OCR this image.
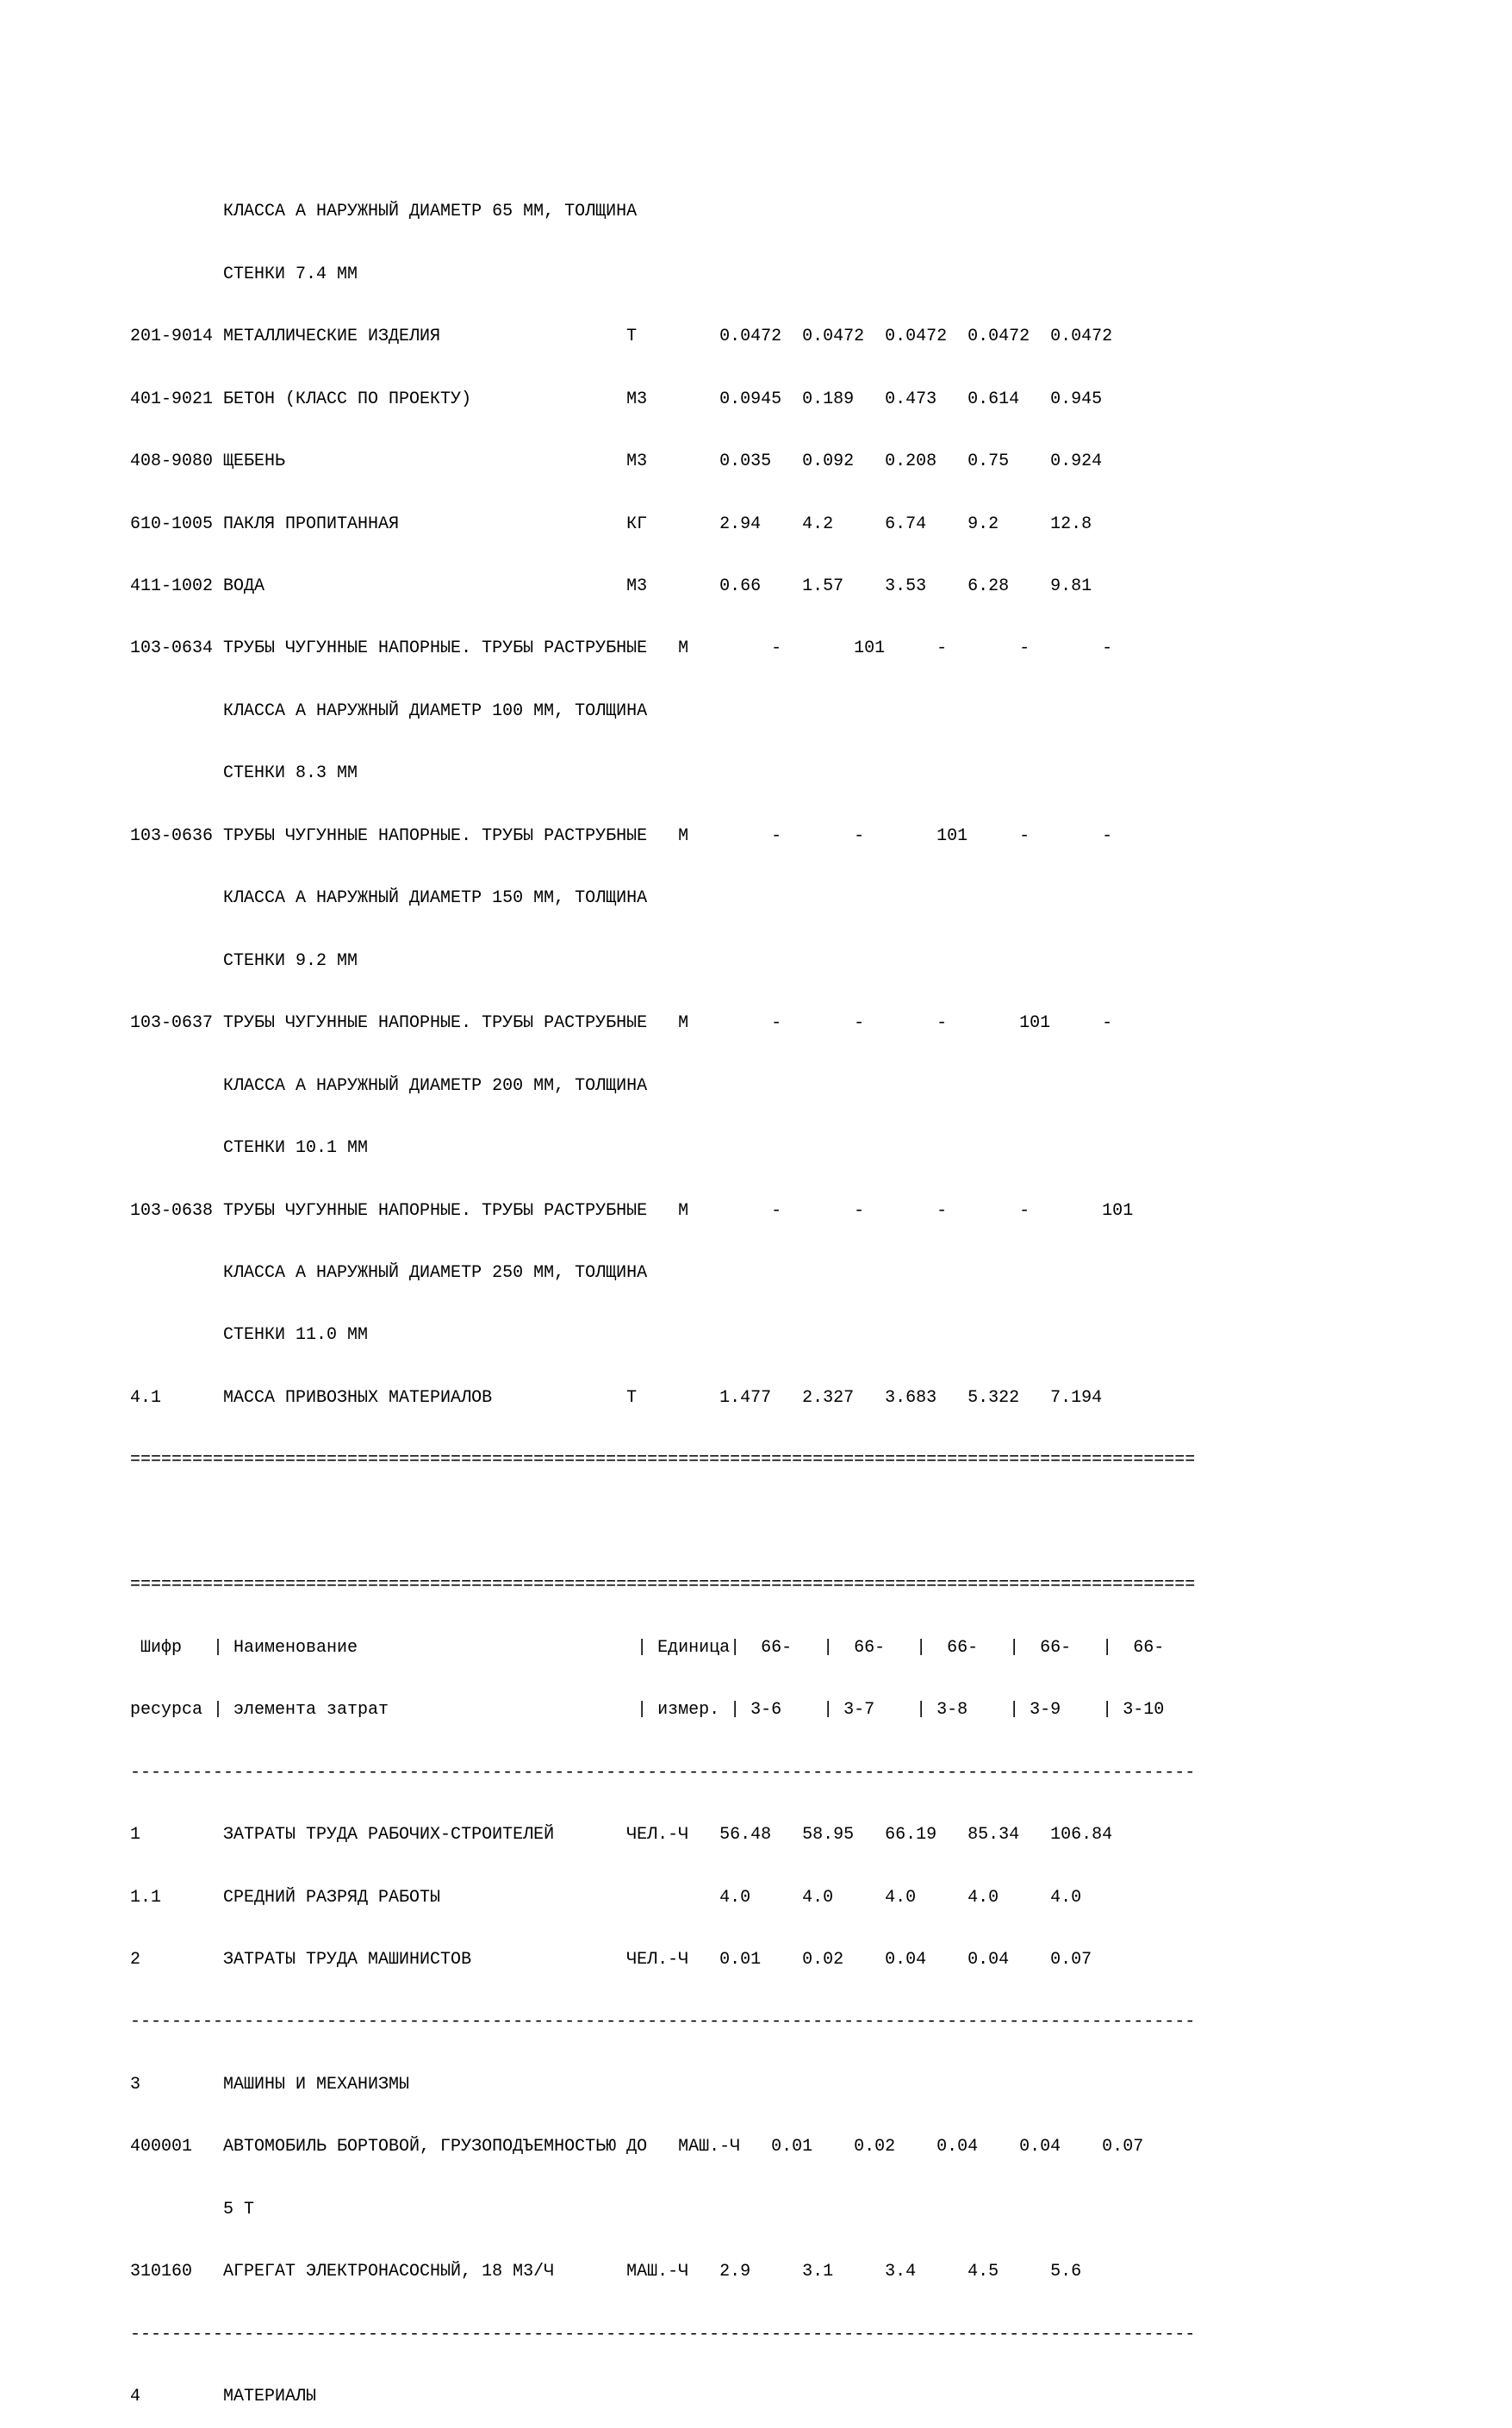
КЛАССА А НАРУЖНЫЙ ДИАМЕТР 65 ММ, ТОЛЩИНА

СТЕНКИ 7.4 ММ

201-9014 МЕТАЛЛИЧЕСКИЕ ИЗДЕЛИЯ                  Т        0.0472  0.0472  0.0472  0.0472  0.0472

401-9021 БЕТОН (КЛАСС ПО ПРОЕКТУ)               М3       0.0945  0.189   0.473   0.614   0.945

408-9080 ЩЕБЕНЬ                                 М3       0.035   0.092   0.208   0.75    0.924

610-1005 ПАКЛЯ ПРОПИТАННАЯ                      КГ       2.94    4.2     6.74    9.2     12.8

411-1002 ВОДА                                   М3       0.66    1.57    3.53    6.28    9.81

103-0634 ТРУБЫ ЧУГУННЫЕ НАПОРНЫЕ. ТРУБЫ РАСТРУБНЫЕ   М        -       101     -       -       -

КЛАССА А НАРУЖНЫЙ ДИАМЕТР 100 ММ, ТОЛЩИНА

СТЕНКИ 8.3 ММ

103-0636 ТРУБЫ ЧУГУННЫЕ НАПОРНЫЕ. ТРУБЫ РАСТРУБНЫЕ   М        -       -       101     -       -

КЛАССА А НАРУЖНЫЙ ДИАМЕТР 150 ММ, ТОЛЩИНА

СТЕНКИ 9.2 ММ

103-0637 ТРУБЫ ЧУГУННЫЕ НАПОРНЫЕ. ТРУБЫ РАСТРУБНЫЕ   М        -       -       -       101     -

КЛАССА А НАРУЖНЫЙ ДИАМЕТР 200 ММ, ТОЛЩИНА

СТЕНКИ 10.1 ММ

103-0638 ТРУБЫ ЧУГУННЫЕ НАПОРНЫЕ. ТРУБЫ РАСТРУБНЫЕ   М        -       -       -       -       101

КЛАССА А НАРУЖНЫЙ ДИАМЕТР 250 ММ, ТОЛЩИНА

СТЕНКИ 11.0 ММ

4.1      МАССА ПРИВОЗНЫХ МАТЕРИАЛОВ             Т        1.477   2.327   3.683   5.322   7.194

=======================================================================================================

=======================================================================================================

Шифр   | Наименование                           | Единица|  66-   |  66-   |  66-   |  66-   |  66-

ресурса | элемента затрат                        | измер. | 3-6    | 3-7    | 3-8    | 3-9    | 3-10

-------------------------------------------------------------------------------------------------------

1        ЗАТРАТЫ ТРУДА РАБОЧИХ-СТРОИТЕЛЕЙ       ЧЕЛ.-Ч   56.48   58.95   66.19   85.34   106.84

1.1      СРЕДНИЙ РАЗРЯД РАБОТЫ                           4.0     4.0     4.0     4.0     4.0

2        ЗАТРАТЫ ТРУДА МАШИНИСТОВ               ЧЕЛ.-Ч   0.01    0.02    0.04    0.04    0.07

-------------------------------------------------------------------------------------------------------

3        МАШИНЫ И МЕХАНИЗМЫ

400001   АВТОМОБИЛЬ БОРТОВОЙ, ГРУЗОПОДЪЕМНОСТЬЮ ДО   МАШ.-Ч   0.01    0.02    0.04    0.04    0.07

5 Т

310160   АГРЕГАТ ЭЛЕКТРОНАСОСНЫЙ, 18 М3/Ч       МАШ.-Ч   2.9     3.1     3.4     4.5     5.6

-------------------------------------------------------------------------------------------------------

4        МАТЕРИАЛЫ
